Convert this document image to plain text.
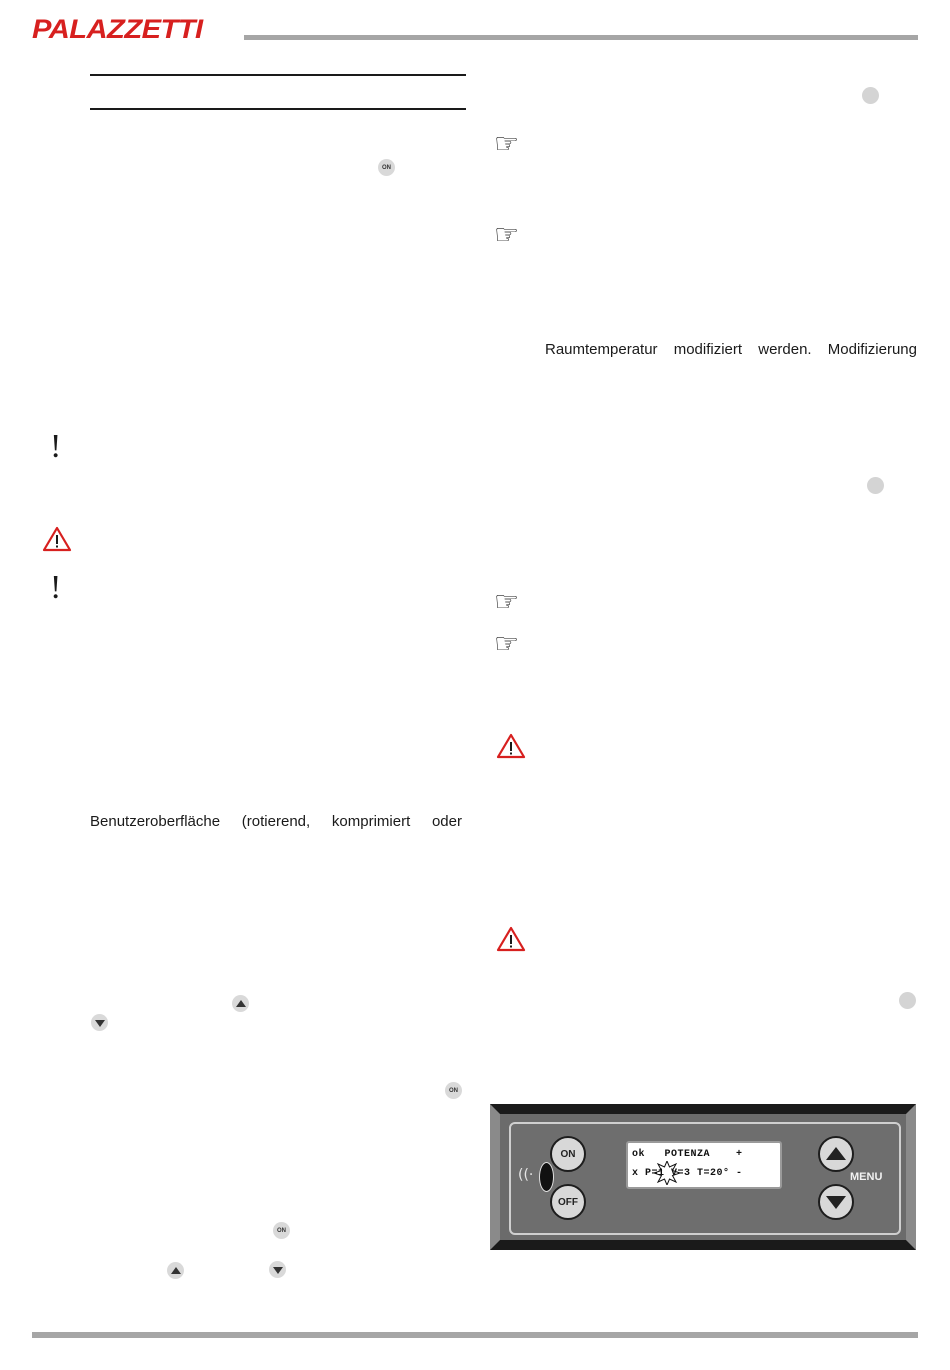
PALAZZETTI
ON
ON
ON
!
!
Benutzeroberfläche (rotierend, komprimiert oder
☞
☞
☞
☞
Raumtemperatur modifiziert werden. Modifizierung
((·
ON
OFF
ok   POTENZA    +
x P=1 V=3 T=20° -	MENU
